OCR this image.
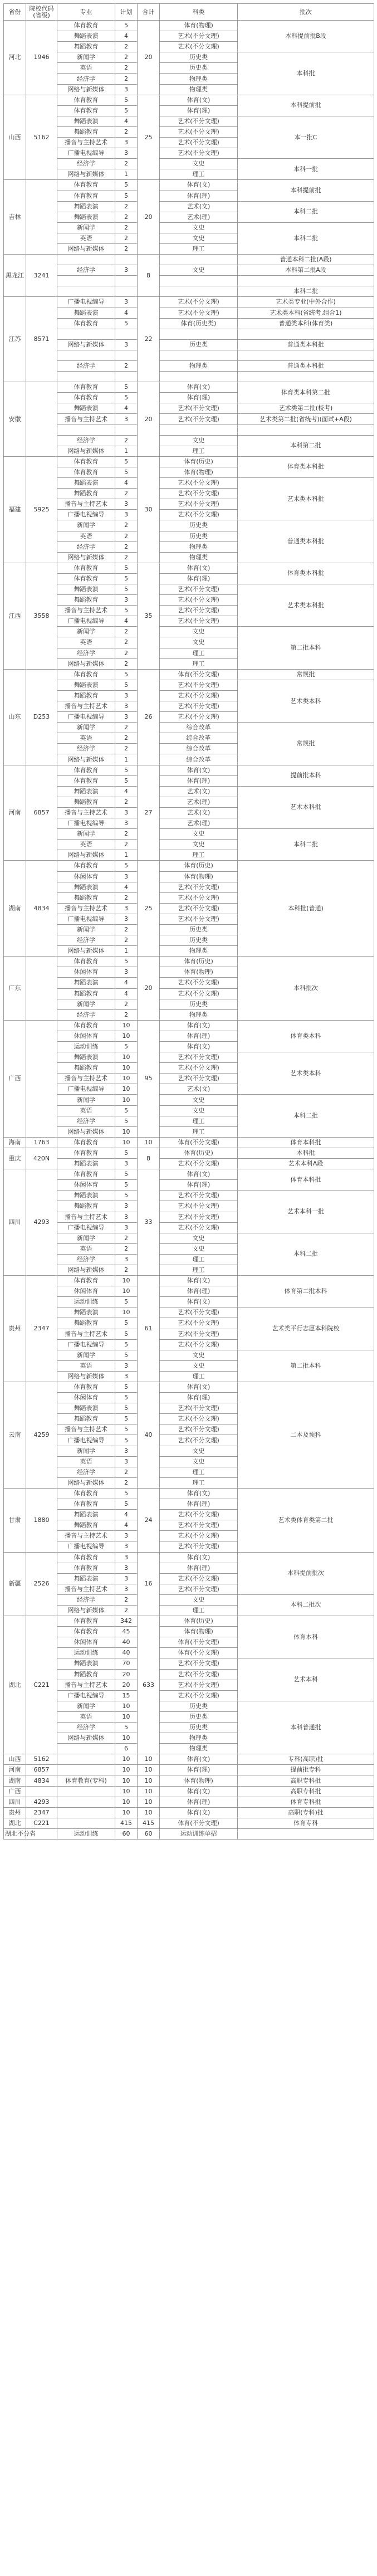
省份	院校代码(省级)	专业	计划	合计	科类	批次
河北	1946	体育教育	5	20	体育(物理)	本科提前批B段
		舞蹈表演	4		艺术(不分文理)	
		舞蹈教育	2		艺术(不分文理)	
		新闻学	2		历史类	本科批
		英语	2		历史类	
		经济学	2		物理类	
		网络与新媒体	3		物理类	
山西	5162	体育教育	5	25	体育(文)	本科提前批
		体育教育	5		体育(理)	
		舞蹈表演	4		艺术(不分文理)	本一批C
		舞蹈教育	2		艺术(不分文理)	
		播音与主持艺术	3		艺术(不分文理)	
		广播电视编导	3		艺术(不分文理)	
		经济学	2		文史	本科一批
		网络与新媒体	1		理工	
吉林		体育教育	5	20	体育(文)	本科提前批
		体育教育	5		体育(理)	
		舞蹈表演	2		艺术(文)	本科二批
		舞蹈表演	2		艺术(理)	
		新闻学	2		文史	本科二批
		英语	2		文史	
		网络与新媒体	2		理工	
黑龙江	3241			8		普通本科二批(A段)
		经济学	3		文史	本科第二批A段

						本科二批
江苏	8571	广播电视编导	3	22	艺术(不分文理)	艺术类专业(中外合作)
		舞蹈表演	4		艺术(不分文理)	艺术类本科(省统考,组合1)
		体育教育	5		体育(历史类)	普通类本科(体育类)

		网络与新媒体	3		历史类	普通类本科批

		经济学	2		物理类	普通类本科批

安徽		体育教育	5	20	体育(文)	体育类本科第二批
		体育教育	5		体育(理)	
		舞蹈表演	4		艺术(不分文理)	艺术类第二批(校考)
		播音与主持艺术	3		艺术(不分文理)	艺术类第二批(省统考)(面试+A段)

		经济学	2		文史	本科第二批
		网络与新媒体	1		理工	
福建	5925	体育教育	5	30	体育(历史)	体育类本科批
		体育教育	5		体育(物理)	
		舞蹈表演	4		艺术(不分文理)	艺术类本科批
		舞蹈教育	2		艺术(不分文理)	
		播音与主持艺术	3		艺术(不分文理)	
		广播电视编导	3		艺术(不分文理)	
		新闻学	2		历史类	普通类本科批
		英语	2		历史类	
		经济学	2		物理类	
		网络与新媒体	2		物理类	
江西	3558	体育教育	5	35	体育(文)	体育类本科批
		体育教育	5		体育(理)	
		舞蹈表演	5		艺术(不分文理)	艺术类本科批
		舞蹈教育	3		艺术(不分文理)	
		播音与主持艺术	5		艺术(不分文理)	
		广播电视编导	4		艺术(不分文理)	
		新闻学	2		文史	第二批本科
		英语	2		文史	
		经济学	2		理工	
		网络与新媒体	2		理工	
山东	D253	体育教育	5	26	体育(不分文理)	常规批
		舞蹈表演	5		艺术(不分文理)	艺术类本科
		舞蹈教育	3		艺术(不分文理)	
		播音与主持艺术	3		艺术(不分文理)	
		广播电视编导	3		艺术(不分文理)	
		新闻学	2		综合改革	常规批
		英语	2		综合改革	
		经济学	2		综合改革	
		网络与新媒体	1		综合改革	
河南	6857	体育教育	5	27	体育(文)	提前批本科
		体育教育	5		体育(理)	
		舞蹈表演	4		艺术(文)	艺术本科批
		舞蹈教育	2		艺术(理)	
		播音与主持艺术	3		艺术(文)	
		广播电视编导	3		艺术(理)	
		新闻学	2		文史	本科二批
		英语	2		文史	
		网络与新媒体	1		理工	
湖南	4834	体育教育	5	25	体育(历史)	本科批(普通)
		休闲体育	3		体育(物理)	
		舞蹈表演	4		艺术(不分文理)	
		舞蹈教育	2		艺术(不分文理)	
		播音与主持艺术	3		艺术(不分文理)	
		广播电视编导	3		艺术(不分文理)	
		新闻学	2		历史类	
		经济学	2		历史类	
		网络与新媒体	1		物理类	
广东		体育教育	5	20	体育(历史)	本科批次
		休闲体育	3		体育(物理)	
		舞蹈表演	4		艺术(不分文理)	
		舞蹈教育	4		艺术(不分文理)	
		新闻学	2		历史类	
		经济学	2		物理类	
广西		体育教育	10	95	体育(文)	体育类本科
		休闲体育	10		体育(理)	
		运动训练	5		体育(文)	
		舞蹈表演	10		艺术(不分文理)	艺术类本科
		舞蹈教育	10		艺术(不分文理)	
		播音与主持艺术	10		艺术(不分文理)	
		广播电视编导	10		艺术(文)	
		新闻学	10		文史	本科二批
		英语	5		文史	
		经济学	5		理工	
		网络与新媒体	10		理工	
海南	1763	体育教育	10	10	体育(不分文理)	体育本科批
重庆	420N	体育教育	5	8	体育(历史)	本科批
		舞蹈表演	3		艺术(不分文理)	艺术本科A段
四川	4293	体育教育	5	33	体育(文)	体育本科批
		休闲体育	5		体育(理)	
		舞蹈表演	5		艺术(不分文理)	艺术本科一批
		舞蹈教育	3		艺术(不分文理)	
		播音与主持艺术	3		艺术(不分文理)	
		广播电视编导	3		艺术(不分文理)	
		新闻学	2		文史	本科二批
		英语	2		文史	
		经济学	3		理工	
		网络与新媒体	2		理工	
贵州	2347	体育教育	10	61	体育(文)	体育第二批本科
		休闲体育	10		体育(理)	
		运动训练	5		体育(文)	
		舞蹈表演	10		艺术(不分文理)	艺术类平行志愿本科院校
		舞蹈教育	5		艺术(不分文理)	
		播音与主持艺术	5		艺术(不分文理)	
		广播电视编导	5		艺术(不分文理)	
		新闻学	5		文史	第二批本科
		英语	3		文史	
		网络与新媒体	3		理工	
云南	4259	体育教育	5	40	体育(文)	二本及预科
		休闲体育	5		体育(理)	
		舞蹈表演	5		艺术(不分文理)	
		舞蹈教育	5		艺术(不分文理)	
		播音与主持艺术	5		艺术(不分文理)	
		广播电视编导	5		艺术(不分文理)	
		新闻学	3		文史	
		英语	3		文史	
		经济学	2		理工	
		网络与新媒体	2		理工	
甘肃	1880	体育教育	5	24	体育(文)	艺术类体育类第二批
		体育教育	5		体育(理)	
		舞蹈表演	4		艺术(不分文理)	
		舞蹈教育	4		艺术(不分文理)	
		播音与主持艺术	3		艺术(不分文理)	
		广播电视编导	3		艺术(不分文理)	
新疆	2526	体育教育	3	16	体育(文)	本科提前批次
		体育教育	3		体育(理)	
		舞蹈表演	3		艺术(不分文理)	
		播音与主持艺术	3		艺术(不分文理)	
		经济学	2		文史	本科二批次
		网络与新媒体	2		理工	
湖北	C221	体育教育	342	633	体育(历史)	体育本科
		体育教育	45		体育(物理)	
		休闲体育	40		体育(不分文理)	
		运动训练	40		体育(不分文理)	
		舞蹈表演	70		艺术(不分文理)	艺术本科
		舞蹈教育	20		艺术(不分文理)	
		播音与主持艺术	20		艺术(不分文理)	
		广播电视编导	15		艺术(不分文理)	
		新闻学	10		历史类	本科普通批
		英语	10		历史类	
		经济学	5		历史类	
		网络与新媒体	10		物理类	
			6		物理类	
山西	5162		10	10	体育(文)	专科(高职)批
河南	6857		10	10	体育(理)	提前批专科
湖南	4834	体育教育(专科)	10	10	体育(物理)	高职专科批
广西			10	10	体育(文)	高职专科批
四川	4293		10	10	体育(理)	体育专科批
贵州	2347		10	10	体育(文)	高职(专科)批
湖北	C221		415	415	体育(不分文理)	体育专科
湖北不分省		运动训练	60	60	运动训练单招	
